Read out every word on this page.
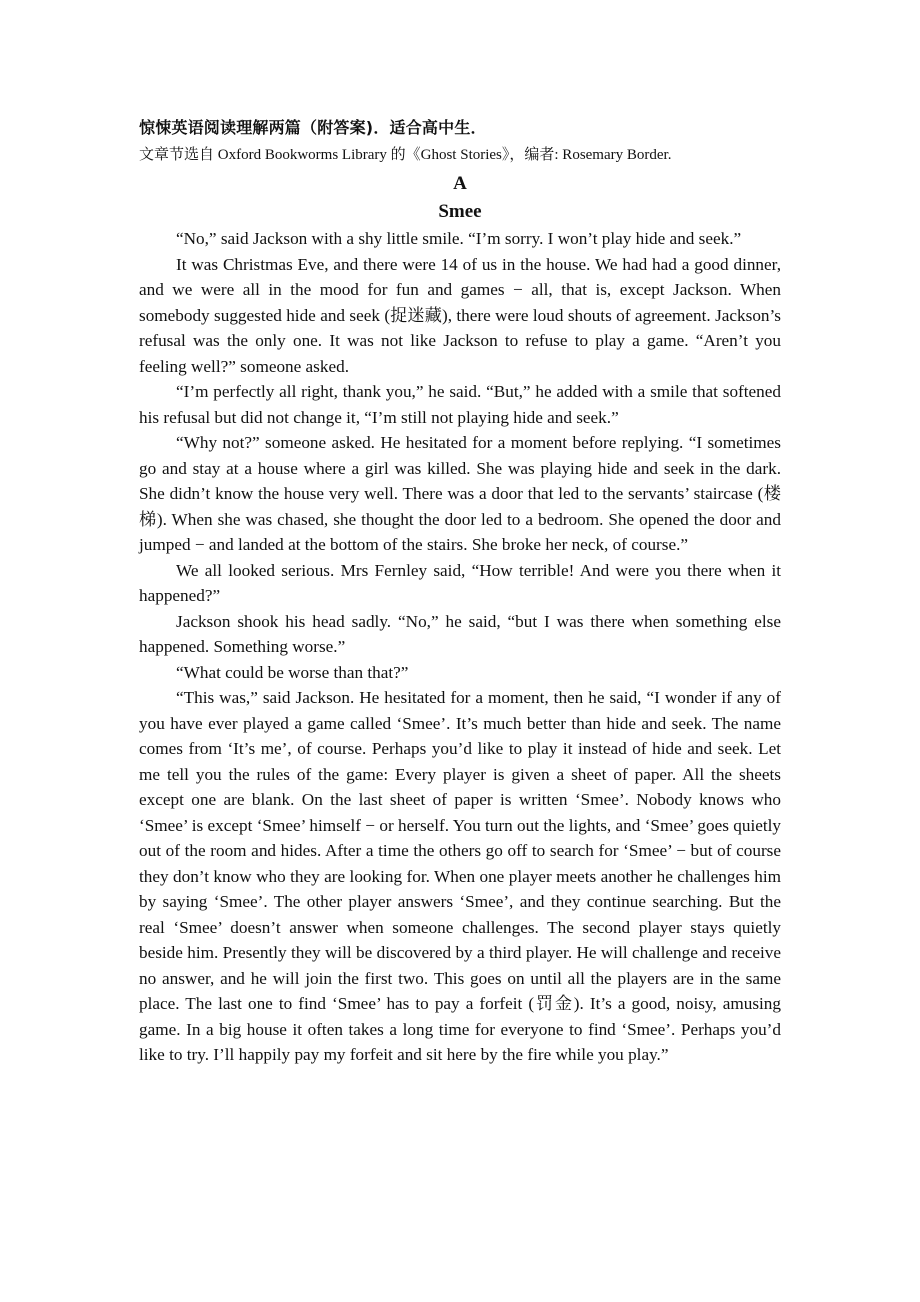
惊悚英语阅读理解两篇（附答案)．适合高中生．
文章节选自 Oxford Bookworms Library 的《Ghost Stories》，编者: Rosemary Border.
A
Smee

“No,” said Jackson with a shy little smile. “I’m sorry. I won’t play hide and seek.”

It was Christmas Eve, and there were 14 of us in the house. We had had a good dinner, and we were all in the mood for fun and games − all, that is, except Jackson. When somebody suggested hide and seek (捉迷藏), there were loud shouts of agreement. Jackson’s refusal was the only one. It was not like Jackson to refuse to play a game. “Aren’t you feeling well?” someone asked.

“I’m perfectly all right, thank you,” he said. “But,” he added with a smile that softened his refusal but did not change it, “I’m still not playing hide and seek.”

“Why not?” someone asked. He hesitated for a moment before replying. “I sometimes go and stay at a house where a girl was killed. She was playing hide and seek in the dark. She didn’t know the house very well. There was a door that led to the servants’ staircase (楼梯). When she was chased, she thought the door led to a bedroom. She opened the door and jumped − and landed at the bottom of the stairs. She broke her neck, of course.”

We all looked serious. Mrs Fernley said, “How terrible! And were you there when it happened?”

Jackson shook his head sadly. “No,” he said, “but I was there when something else happened. Something worse.”

“What could be worse than that?”

“This was,” said Jackson. He hesitated for a moment, then he said, “I wonder if any of you have ever played a game called ‘Smee’. It’s much better than hide and seek. The name comes from ‘It’s me’, of course. Perhaps you’d like to play it instead of hide and seek. Let me tell you the rules of the game: Every player is given a sheet of paper. All the sheets except one are blank. On the last sheet of paper is written ‘Smee’. Nobody knows who ‘Smee’ is except ‘Smee’ himself − or herself. You turn out the lights, and ‘Smee’ goes quietly out of the room and hides. After a time the others go off to search for ‘Smee’ − but of course they don’t know who they are looking for. When one player meets another he challenges him by saying ‘Smee’. The other player answers ‘Smee’, and they continue searching. But the real ‘Smee’ doesn’t answer when someone challenges. The second player stays quietly beside him. Presently they will be discovered by a third player. He will challenge and receive no answer, and he will join the first two. This goes on until all the players are in the same place. The last one to find ‘Smee’ has to pay a forfeit (罚金). It’s a good, noisy, amusing game. In a big house it often takes a long time for everyone to find ‘Smee’. Perhaps you’d like to try. I’ll happily pay my forfeit and sit here by the fire while you play.”
